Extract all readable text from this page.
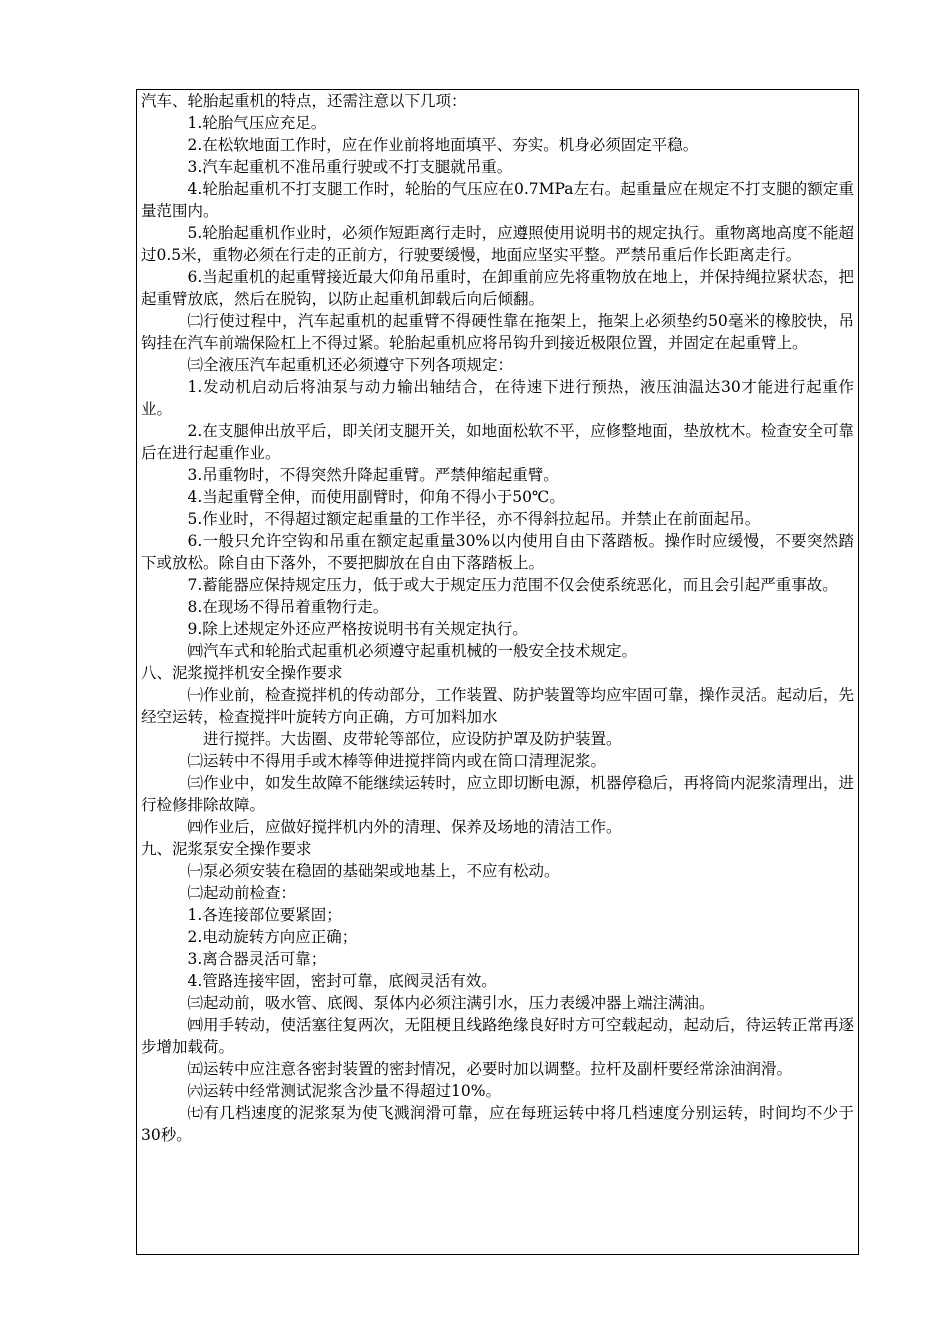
汽车、轮胎起重机的特点，还需注意以下几项：

1.轮胎气压应充足。

2.在松软地面工作时，应在作业前将地面填平、夯实。机身必须固定平稳。

3.汽车起重机不准吊重行驶或不打支腿就吊重。

4.轮胎起重机不打支腿工作时，轮胎的气压应在0.7MPa左右。起重量应在规定不打支腿的额定重量范围内。

5.轮胎起重机作业时，必须作短距离行走时，应遵照使用说明书的规定执行。重物离地高度不能超过0.5米，重物必须在行走的正前方，行驶要缓慢，地面应坚实平整。严禁吊重后作长距离走行。

6.当起重机的起重臂接近最大仰角吊重时，在卸重前应先将重物放在地上，并保持绳拉紧状态，把起重臂放底，然后在脱钩，以防止起重机卸载后向后倾翻。

㈡行使过程中，汽车起重机的起重臂不得硬性靠在拖架上，拖架上必须垫约50毫米的橡胶快，吊钩挂在汽车前端保险杠上不得过紧。轮胎起重机应将吊钩升到接近极限位置，并固定在起重臂上。

㈢全液压汽车起重机还必须遵守下列各项规定：

1.发动机启动后将油泵与动力输出轴结合，在待速下进行预热，液压油温达30才能进行起重作业。

2.在支腿伸出放平后，即关闭支腿开关，如地面松软不平，应修整地面，垫放枕木。检查安全可靠后在进行起重作业。

3.吊重物时，不得突然升降起重臂。严禁伸缩起重臂。

4.当起重臂全伸，而使用副臂时，仰角不得小于50℃。

5.作业时，不得超过额定起重量的工作半径，亦不得斜拉起吊。并禁止在前面起吊。

6.一般只允许空钩和吊重在额定起重量30%以内使用自由下落踏板。操作时应缓慢，不要突然踏下或放松。除自由下落外，不要把脚放在自由下落踏板上。

7.蓄能器应保持规定压力，低于或大于规定压力范围不仅会使系统恶化，而且会引起严重事故。

8.在现场不得吊着重物行走。

9.除上述规定外还应严格按说明书有关规定执行。

㈣汽车式和轮胎式起重机必须遵守起重机械的一般安全技术规定。

八、泥浆搅拌机安全操作要求

㈠作业前，检查搅拌机的传动部分，工作装置、防护装置等均应牢固可靠，操作灵活。起动后，先经空运转，检查搅拌叶旋转方向正确，方可加料加水

进行搅拌。大齿圈、皮带轮等部位，应设防护罩及防护装置。

㈡运转中不得用手或木棒等伸进搅拌筒内或在筒口清理泥浆。

㈢作业中，如发生故障不能继续运转时，应立即切断电源，机器停稳后，再将筒内泥浆清理出，进行检修排除故障。

㈣作业后，应做好搅拌机内外的清理、保养及场地的清洁工作。

九、泥浆泵安全操作要求

㈠泵必须安装在稳固的基础架或地基上，不应有松动。

㈡起动前检查：

1.各连接部位要紧固；

2.电动旋转方向应正确；

3.离合器灵活可靠；

4.管路连接牢固，密封可靠，底阀灵活有效。

㈢起动前，吸水管、底阀、泵体内必须注满引水，压力表缓冲器上端注满油。

㈣用手转动，使活塞往复两次，无阻梗且线路绝缘良好时方可空载起动，起动后，待运转正常再逐步增加载荷。

㈤运转中应注意各密封装置的密封情况，必要时加以调整。拉杆及副杆要经常涂油润滑。

㈥运转中经常测试泥浆含沙量不得超过10%。

㈦有几档速度的泥浆泵为使飞溅润滑可靠，应在每班运转中将几档速度分别运转，时间均不少于30秒。
